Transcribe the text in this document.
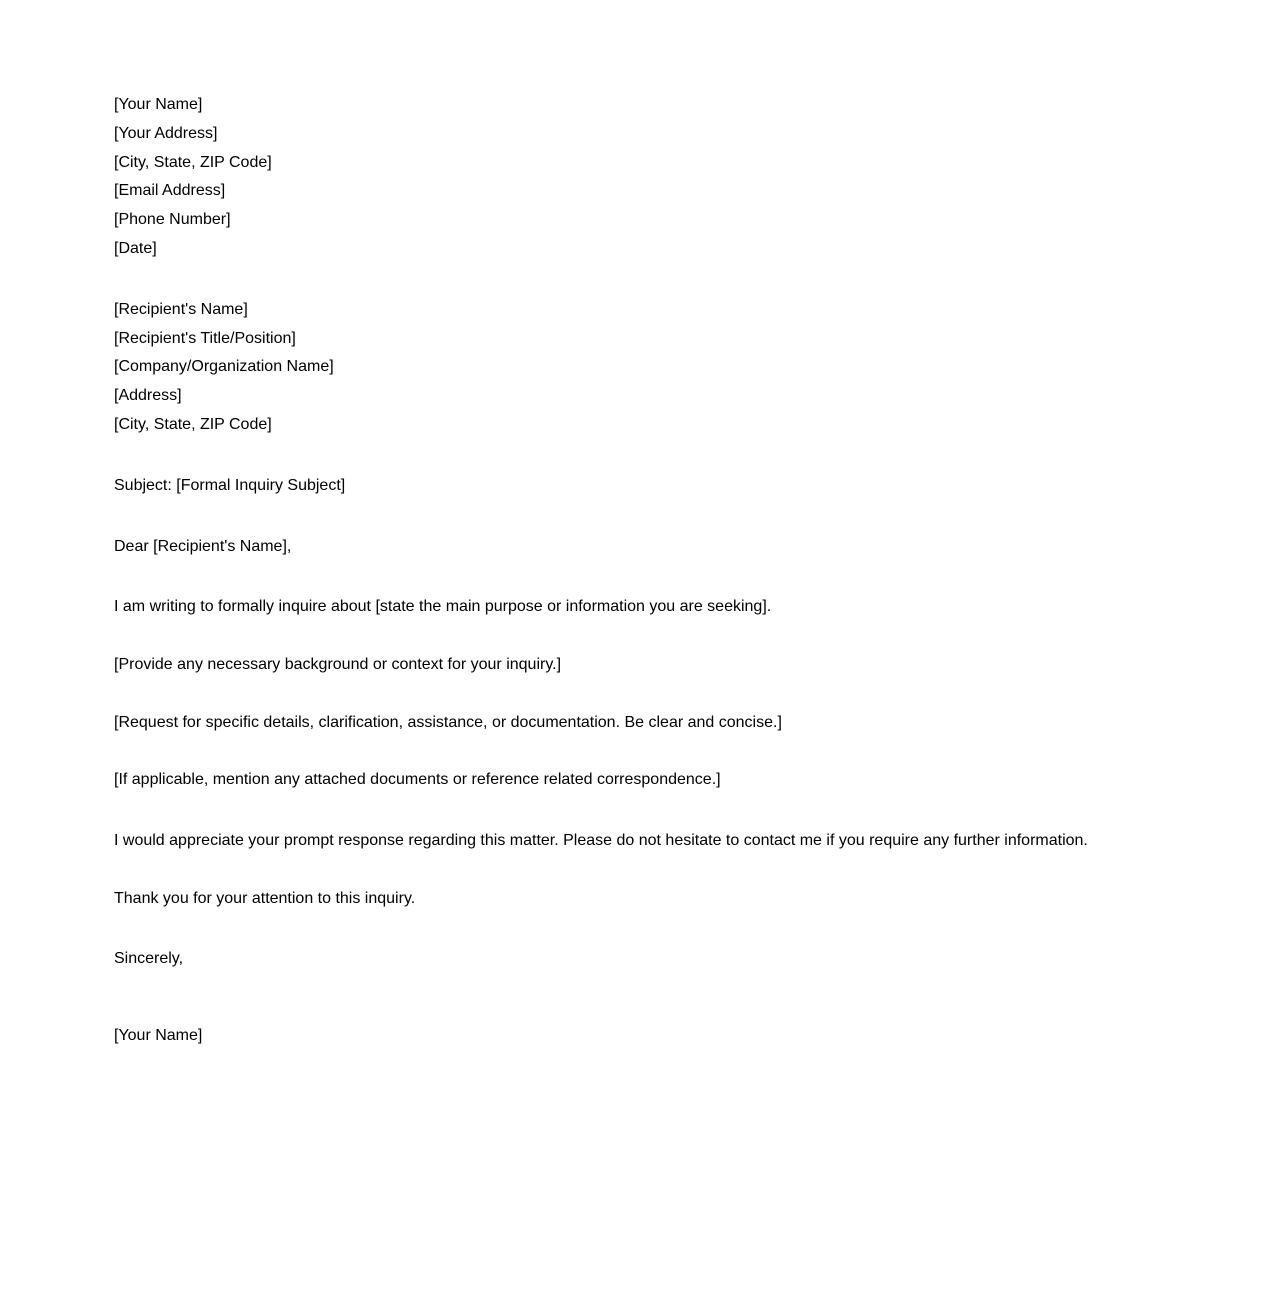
[Your Name]
[Your Address]
[City, State, ZIP Code]
[Email Address]
[Phone Number]
[Date]
[Recipient's Name]
[Recipient's Title/Position]
[Company/Organization Name]
[Address]
[City, State, ZIP Code]
Subject: [Formal Inquiry Subject]
Dear [Recipient's Name],
I am writing to formally inquire about [state the main purpose or information you are seeking].
[Provide any necessary background or context for your inquiry.]
[Request for specific details, clarification, assistance, or documentation. Be clear and concise.]
[If applicable, mention any attached documents or reference related correspondence.]
I would appreciate your prompt response regarding this matter. Please do not hesitate to contact me if you require any further information.
Thank you for your attention to this inquiry.
Sincerely,
[Your Name]
